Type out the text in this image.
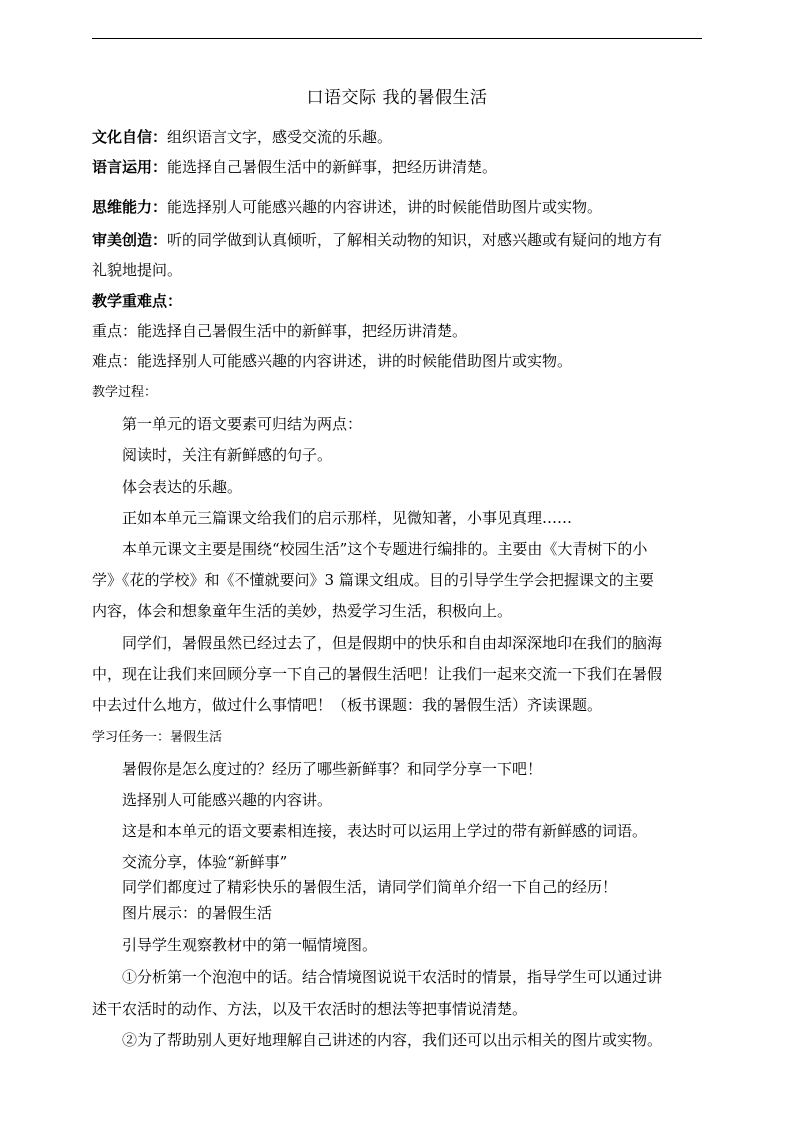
口语交际 我的暑假生活
文化自信：组织语言文字，感受交流的乐趣。
语言运用：能选择自己暑假生活中的新鲜事，把经历讲清楚。
思维能力：能选择别人可能感兴趣的内容讲述，讲的时候能借助图片或实物。
审美创造：听的同学做到认真倾听，了解相关动物的知识，对感兴趣或有疑问的地方有
礼貌地提问。
教学重难点：
重点：能选择自己暑假生活中的新鲜事，把经历讲清楚。
难点：能选择别人可能感兴趣的内容讲述，讲的时候能借助图片或实物。
教学过程：
第一单元的语文要素可归结为两点：
阅读时，关注有新鲜感的句子。
体会表达的乐趣。
正如本单元三篇课文给我们的启示那样，见微知著，小事见真理……
本单元课文主要是围绕“校园生活”这个专题进行编排的。主要由《大青树下的小
学》《花的学校》和《不懂就要问》3 篇课文组成。目的引导学生学会把握课文的主要
内容，体会和想象童年生活的美妙，热爱学习生活，积极向上。
同学们，暑假虽然已经过去了，但是假期中的快乐和自由却深深地印在我们的脑海
中，现在让我们来回顾分享一下自己的暑假生活吧！让我们一起来交流一下我们在暑假
中去过什么地方，做过什么事情吧！（板书课题：我的暑假生活）齐读课题。
学习任务一：暑假生活
暑假你是怎么度过的？经历了哪些新鲜事？和同学分享一下吧！
选择别人可能感兴趣的内容讲。
这是和本单元的语文要素相连接，表达时可以运用上学过的带有新鲜感的词语。
交流分享，体验“新鲜事”
同学们都度过了精彩快乐的暑假生活，请同学们简单介绍一下自己的经历！
图片展示：的暑假生活
引导学生观察教材中的第一幅情境图。
①分析第一个泡泡中的话。结合情境图说说干农活时的情景，指导学生可以通过讲
述干农活时的动作、方法，以及干农活时的想法等把事情说清楚。
②为了帮助别人更好地理解自己讲述的内容，我们还可以出示相关的图片或实物。
